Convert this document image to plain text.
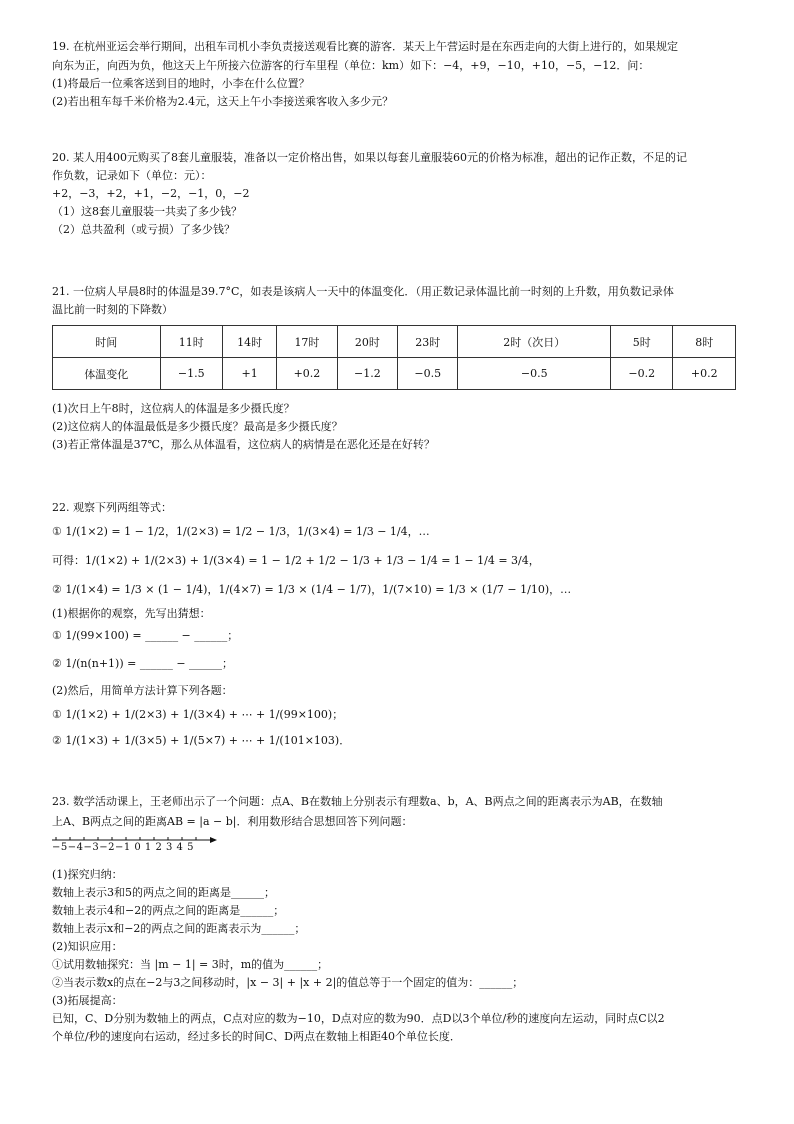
19. 在杭州亚运会举行期间，出租车司机小李负责接送观看比赛的游客．某天上午营运时是在东西走向的大街上进行的，如果规定
向东为正，向西为负，他这天上午所接六位游客的行车里程（单位：km）如下：−4，+9，−10，+10，−5，−12．问：
(1)将最后一位乘客送到目的地时，小李在什么位置？
(2)若出租车每千米价格为2.4元，这天上午小李接送乘客收入多少元？
20. 某人用400元购买了8套儿童服装，准备以一定价格出售，如果以每套儿童服装60元的价格为标准，超出的记作正数，不足的记
作负数，记录如下（单位：元）：
+2，−3，+2，+1，−2，−1，0，−2
（1）这8套儿童服装一共卖了多少钱？
（2）总共盈利（或亏损）了多少钱？
21. 一位病人早晨8时的体温是39.7°C，如表是该病人一天中的体温变化．（用正数记录体温比前一时刻的上升数，用负数记录体
温比前一时刻的下降数）
时间	11时	14时	17时	20时	23时	2时（次日）	5时	8时
体温变化	−1.5	+1	+0.2	−1.2	−0.5	−0.5	−0.2	+0.2
(1)次日上午8时，这位病人的体温是多少摄氏度？
(2)这位病人的体温最低是多少摄氏度？最高是多少摄氏度？
(3)若正常体温是37℃，那么从体温看，这位病人的病情是在恶化还是在好转？
22. 观察下列两组等式：
① 1/(1×2) = 1 − 1/2，1/(2×3) = 1/2 − 1/3，1/(3×4) = 1/3 − 1/4，…
可得：1/(1×2) + 1/(2×3) + 1/(3×4) = 1 − 1/2 + 1/2 − 1/3 + 1/3 − 1/4 = 1 − 1/4 = 3/4，
② 1/(1×4) = 1/3 × (1 − 1/4)，1/(4×7) = 1/3 × (1/4 − 1/7)，1/(7×10) = 1/3 × (1/7 − 1/10)，…
(1)根据你的观察，先写出猜想：
① 1/(99×100) = ______ − ______；
② 1/(n(n+1)) = ______ − ______；
(2)然后，用简单方法计算下列各题：
① 1/(1×2) + 1/(2×3) + 1/(3×4) + ⋯ + 1/(99×100)；
② 1/(1×3) + 1/(3×5) + 1/(5×7) + ⋯ + 1/(101×103)．
23. 数学活动课上，王老师出示了一个问题：点A、B在数轴上分别表示有理数a、b，A、B两点之间的距离表示为AB，在数轴
上A、B两点之间的距离AB = |a − b|．利用数形结合思想回答下列问题：
−5−4−3−2−1 0 1 2 3 4 5
(1)探究归纳：
数轴上表示3和5的两点之间的距离是______；
数轴上表示4和−2的两点之间的距离是______；
数轴上表示x和−2的两点之间的距离表示为______；
(2)知识应用：
①试用数轴探究：当 |m − 1| = 3时，m的值为______；
②当表示数x的点在−2与3之间移动时，|x − 3| + |x + 2|的值总等于一个固定的值为：______；
(3)拓展提高：
已知，C、D分别为数轴上的两点，C点对应的数为−10，D点对应的数为90．点D以3个单位/秒的速度向左运动，同时点C以2
个单位/秒的速度向右运动，经过多长的时间C、D两点在数轴上相距40个单位长度．
